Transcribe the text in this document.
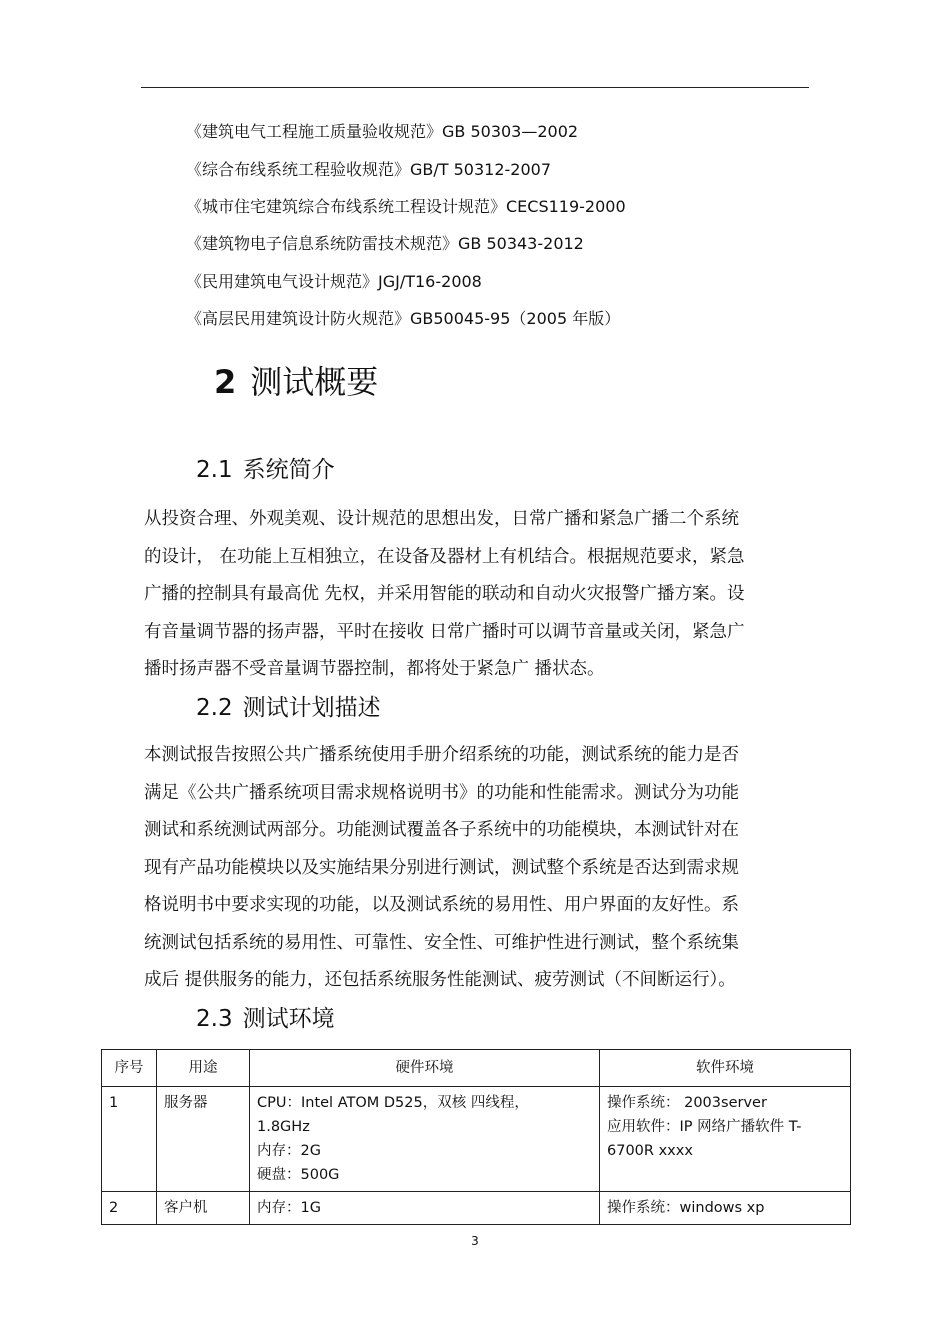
《建筑电气工程施工质量验收规范》GB 50303—2002
《综合布线系统工程验收规范》GB/T 50312-2007
《城市住宅建筑综合布线系统工程设计规范》CECS119-2000
《建筑物电子信息系统防雷技术规范》GB 50343-2012
《民用建筑电气设计规范》JGJ/T16-2008
《高层民用建筑设计防火规范》GB50045-95（2005 年版）
2 测试概要
2.1 系统简介

从投资合理、外观美观、设计规范的思想出发，日常广播和紧急广播二个系统
的设计， 在功能上互相独立，在设备及器材上有机结合。根据规范要求，紧急
广播的控制具有最高优 先权，并采用智能的联动和自动火灾报警广播方案。设
有音量调节器的扬声器，平时在接收 日常广播时可以调节音量或关闭，紧急广
播时扬声器不受音量调节器控制，都将处于紧急广 播状态。

2.2 测试计划描述

本测试报告按照公共广播系统使用手册介绍系统的功能，测试系统的能力是否
满足《公共广播系统项目需求规格说明书》的功能和性能需求。测试分为功能
测试和系统测试两部分。功能测试覆盖各子系统中的功能模块，本测试针对在
现有产品功能模块以及实施结果分别进行测试，测试整个系统是否达到需求规
格说明书中要求实现的功能，以及测试系统的易用性、用户界面的友好性。系
统测试包括系统的易用性、可靠性、安全性、可维护性进行测试，整个系统集
成后 提供服务的能力，还包括系统服务性能测试、疲劳测试（不间断运行）。

2.3 测试环境
序号	用途	硬件环境	软件环境
1	服务器	CPU：Intel ATOM D525，双核 四线程，
1.8GHz
内存：2G
硬盘：500G	操作系统： 2003server
应用软件：IP 网络广播软件 T-
6700R xxxx

2	客户机	内存：1G	操作系统：windows xp
3
